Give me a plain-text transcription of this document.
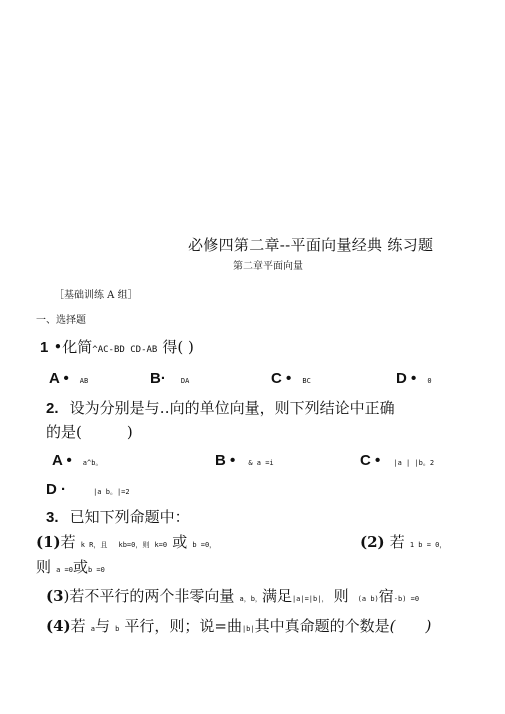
必修四第二章--平面向量经典 练习题
第二章平面向量
［基础训练 A 组］
一、选择题
1 •化简^AC-BD CD-AB 得( )
A • AB	B· DA	C • BC	D • 0
2. 设为分别是与‥向的单位向量，则下列结论中正确
的是(　　　)
A • a^b。	B • & a =i	C • |a | |b。2
D ·	|a b。|=2
3. 已知下列命题中：
(1)若 k R，且 kb=0，则 k=0 或 b =0，	(2) 若 1 b = 0，
则 a =0或b =0
(3)若不平行的两个非零向量 a，b，满足|a|=|b|， 则 (a b)宿-b) =0
(4)若 a与 b 平行，则；说=曲|b|其中真命题的个数是(　　)
